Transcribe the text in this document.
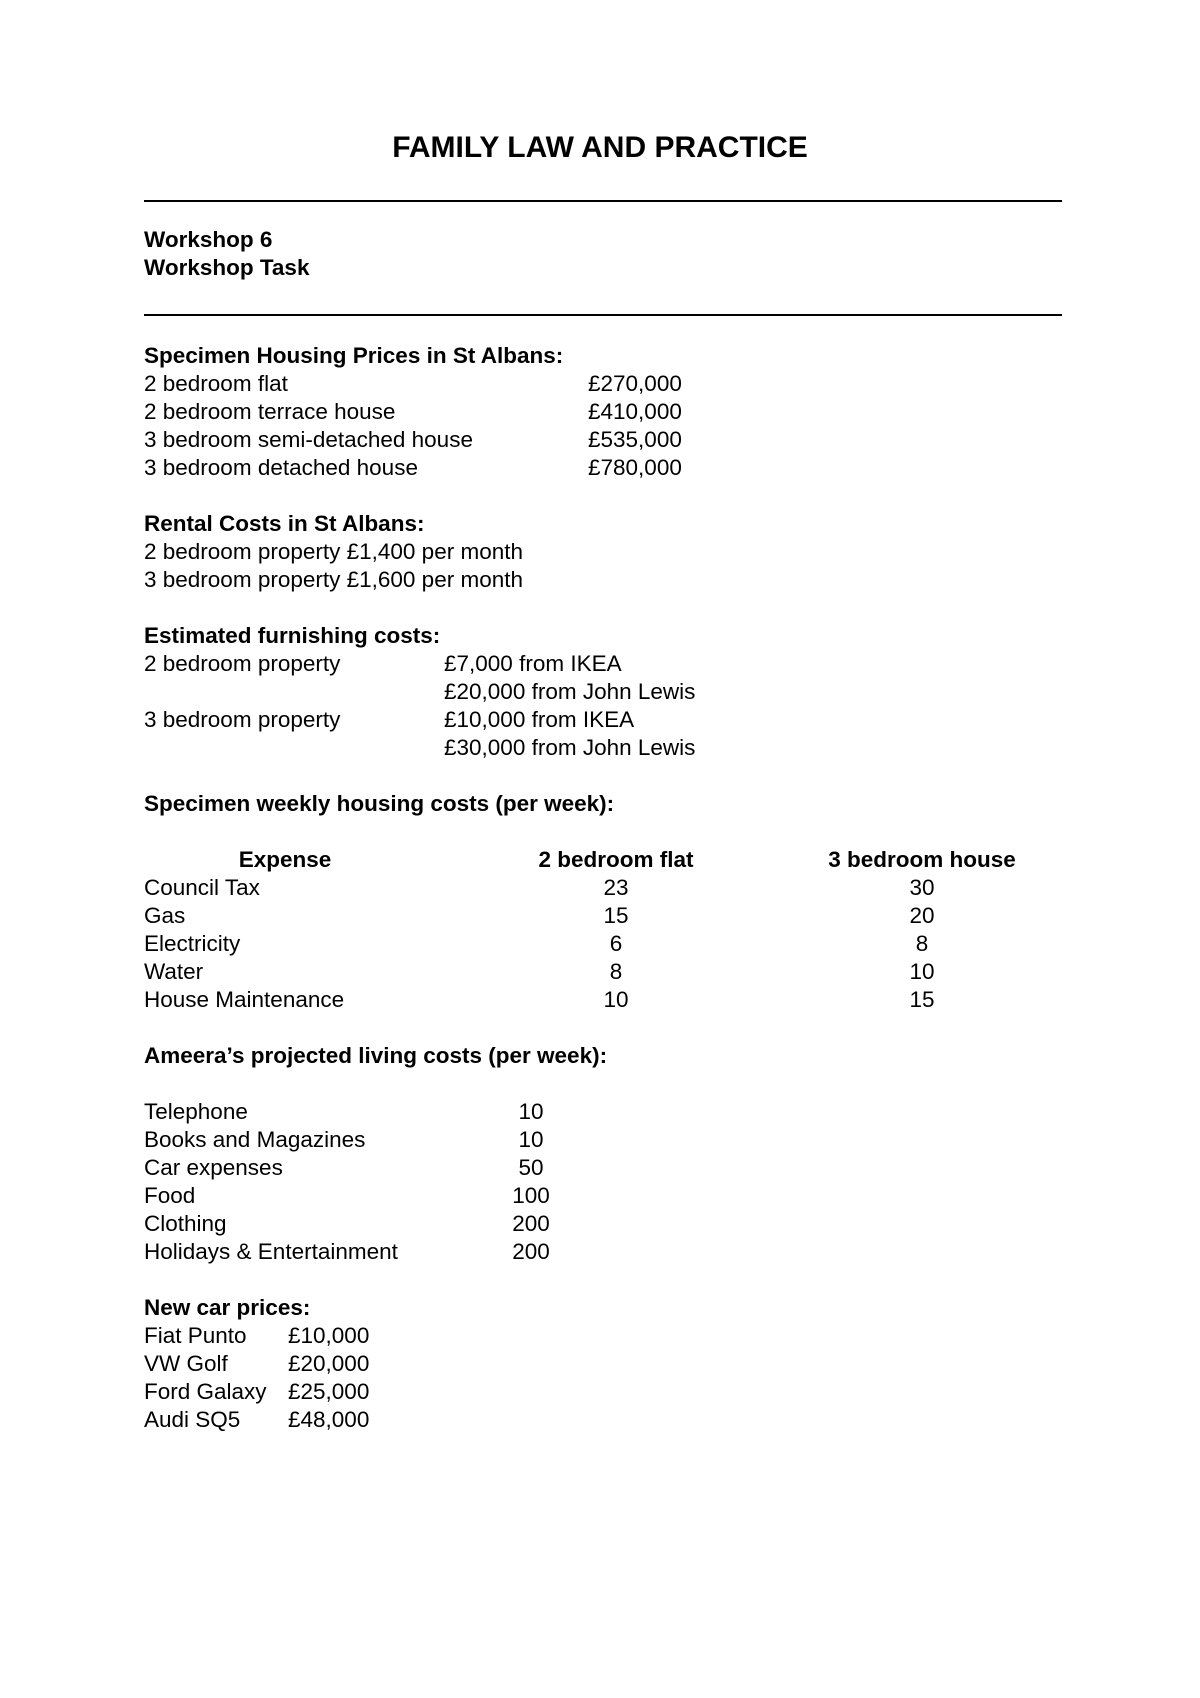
FAMILY LAW AND PRACTICE
Workshop 6
Workshop Task
Specimen Housing Prices in St Albans:
2 bedroom flat	£270,000
2 bedroom terrace house	£410,000
3 bedroom semi-detached house	£535,000
3 bedroom detached house	£780,000
Rental Costs in St Albans:
2 bedroom property £1,400 per month
3 bedroom property £1,600 per month
Estimated furnishing costs:
2 bedroom property	£7,000 from IKEA
£20,000 from John Lewis
3 bedroom property	£10,000 from IKEA
£30,000 from John Lewis
Specimen weekly housing costs (per week):
Expense	2 bedroom flat	3 bedroom house
Council Tax	23	30
Gas	15	20
Electricity	6	8
Water	8	10
House Maintenance	10	15
Ameera’s projected living costs (per week):
Telephone	10
Books and Magazines	10
Car expenses	50
Food	100
Clothing	200
Holidays & Entertainment	200
New car prices:
Fiat Punto £10,000
VW Golf	£20,000
Ford Galaxy £25,000
Audi SQ5 £48,000
